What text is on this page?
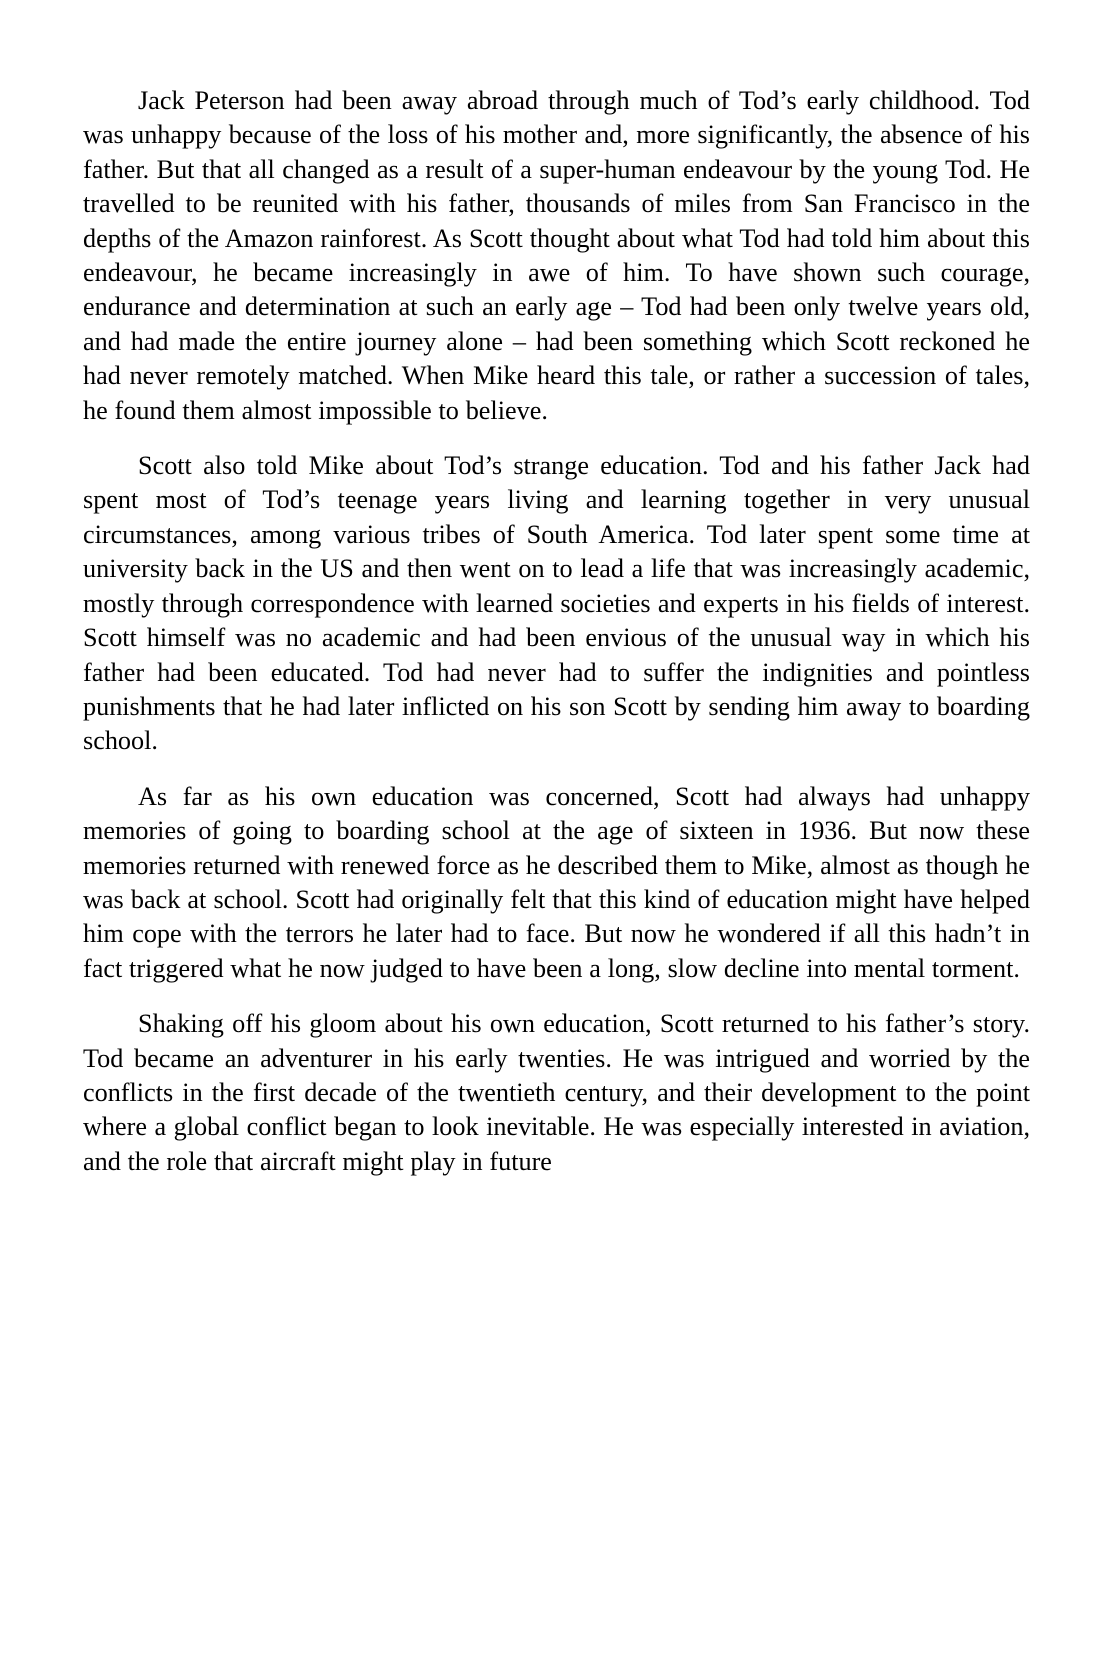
Jack Peterson had been away abroad through much of Tod’s early childhood. Tod was unhappy because of the loss of his mother and, more significantly, the absence of his father. But that all changed as a result of a super-human endeavour by the young Tod. He travelled to be reunited with his father, thousands of miles from San Francisco in the depths of the Amazon rainforest. As Scott thought about what Tod had told him about this endeavour, he became increasingly in awe of him. To have shown such courage, endurance and determination at such an early age – Tod had been only twelve years old, and had made the entire journey alone – had been something which Scott reckoned he had never remotely matched. When Mike heard this tale, or rather a succession of tales, he found them almost impossible to believe.

Scott also told Mike about Tod’s strange education. Tod and his father Jack had spent most of Tod’s teenage years living and learning together in very unusual circumstances, among various tribes of South America. Tod later spent some time at university back in the US and then went on to lead a life that was increasingly academic, mostly through correspondence with learned societies and experts in his fields of interest. Scott himself was no academic and had been envious of the unusual way in which his father had been educated. Tod had never had to suffer the indignities and pointless punishments that he had later inflicted on his son Scott by sending him away to boarding school.

As far as his own education was concerned, Scott had always had unhappy memories of going to boarding school at the age of sixteen in 1936. But now these memories returned with renewed force as he described them to Mike, almost as though he was back at school. Scott had originally felt that this kind of education might have helped him cope with the terrors he later had to face. But now he wondered if all this hadn’t in fact triggered what he now judged to have been a long, slow decline into mental torment.

Shaking off his gloom about his own education, Scott returned to his father’s story. Tod became an adventurer in his early twenties. He was intrigued and worried by the conflicts in the first decade of the twentieth century, and their development to the point where a global conflict began to look inevitable. He was especially interested in aviation, and the role that aircraft might play in future
